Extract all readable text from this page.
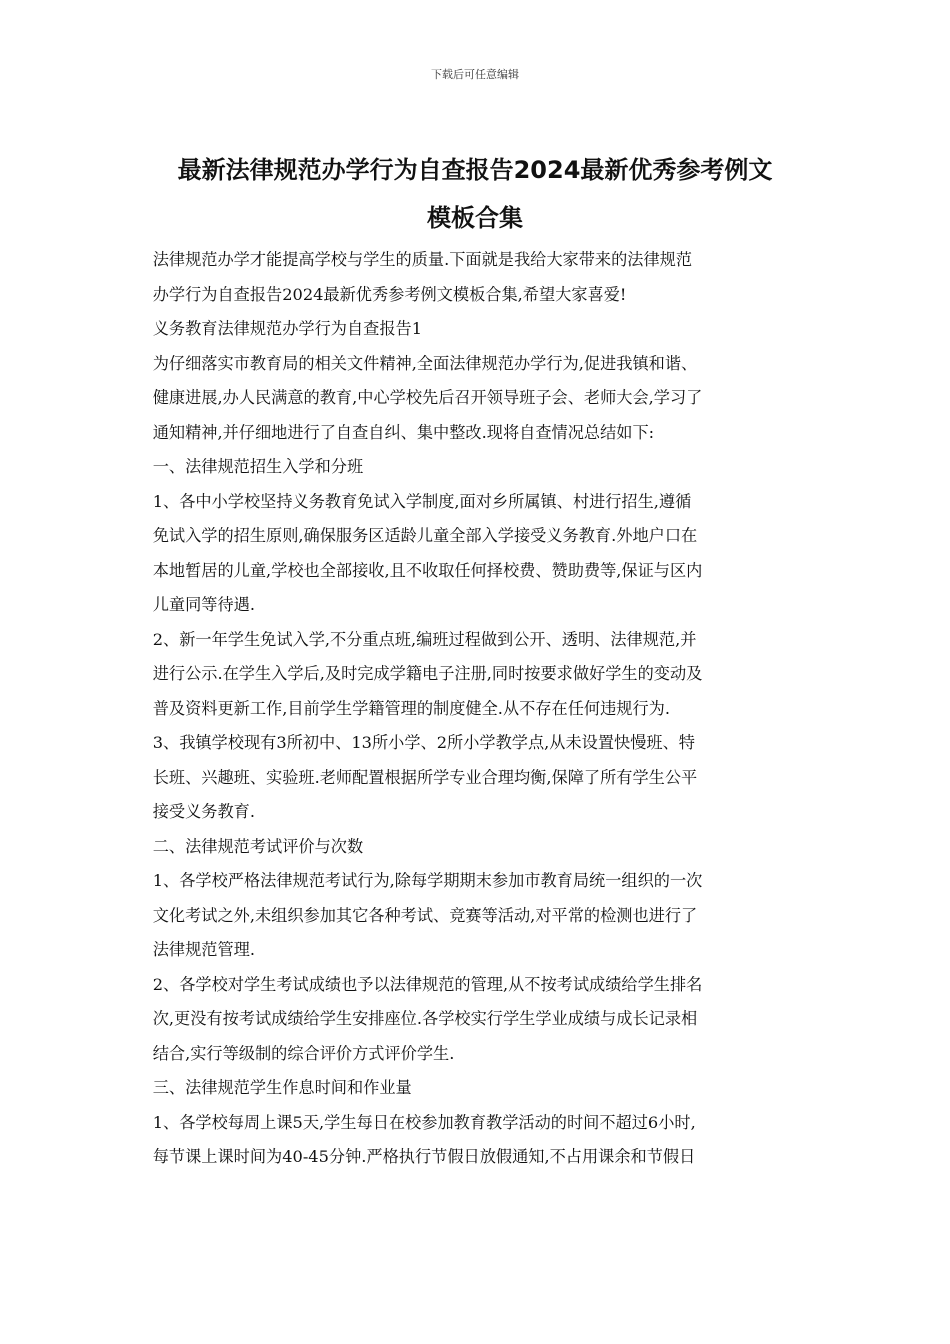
下载后可任意编辑
最新法律规范办学行为自查报告2024最新优秀参考例文
模板合集

法律规范办学才能提高学校与学生的质量.下面就是我给大家带来的法律规范

办学行为自查报告2024最新优秀参考例文模板合集,希望大家喜爱!

义务教育法律规范办学行为自查报告1

为仔细落实市教育局的相关文件精神,全面法律规范办学行为,促进我镇和谐、

健康进展,办人民满意的教育,中心学校先后召开领导班子会、老师大会,学习了

通知精神,并仔细地进行了自查自纠、集中整改.现将自查情况总结如下:

一、法律规范招生入学和分班

1、各中小学校坚持义务教育免试入学制度,面对乡所属镇、村进行招生,遵循

免试入学的招生原则,确保服务区适龄儿童全部入学接受义务教育.外地户口在

本地暂居的儿童,学校也全部接收,且不收取任何择校费、赞助费等,保证与区内

儿童同等待遇.

2、新一年学生免试入学,不分重点班,编班过程做到公开、透明、法律规范,并

进行公示.在学生入学后,及时完成学籍电子注册,同时按要求做好学生的变动及

普及资料更新工作,目前学生学籍管理的制度健全.从不存在任何违规行为.

3、我镇学校现有3所初中、13所小学、2所小学教学点,从未设置快慢班、特

长班、兴趣班、实验班.老师配置根据所学专业合理均衡,保障了所有学生公平

接受义务教育.

二、法律规范考试评价与次数

1、各学校严格法律规范考试行为,除每学期期末参加市教育局统一组织的一次

文化考试之外,未组织参加其它各种考试、竞赛等活动,对平常的检测也进行了

法律规范管理.

2、各学校对学生考试成绩也予以法律规范的管理,从不按考试成绩给学生排名

次,更没有按考试成绩给学生安排座位.各学校实行学生学业成绩与成长记录相

结合,实行等级制的综合评价方式评价学生.

三、法律规范学生作息时间和作业量

1、各学校每周上课5天,学生每日在校参加教育教学活动的时间不超过6小时,

每节课上课时间为40-45分钟.严格执行节假日放假通知,不占用课余和节假日
